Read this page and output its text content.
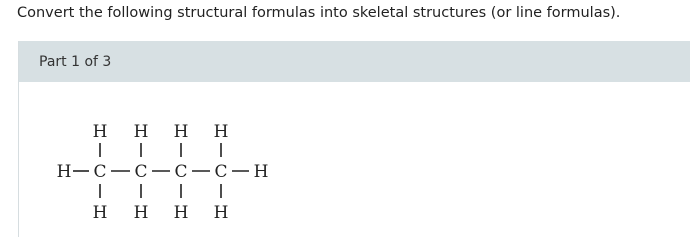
Convert the following structural formulas into skeletal structures (or line formulas).
Part 1 of 3
H H H H
H C C C C H
H H H H
